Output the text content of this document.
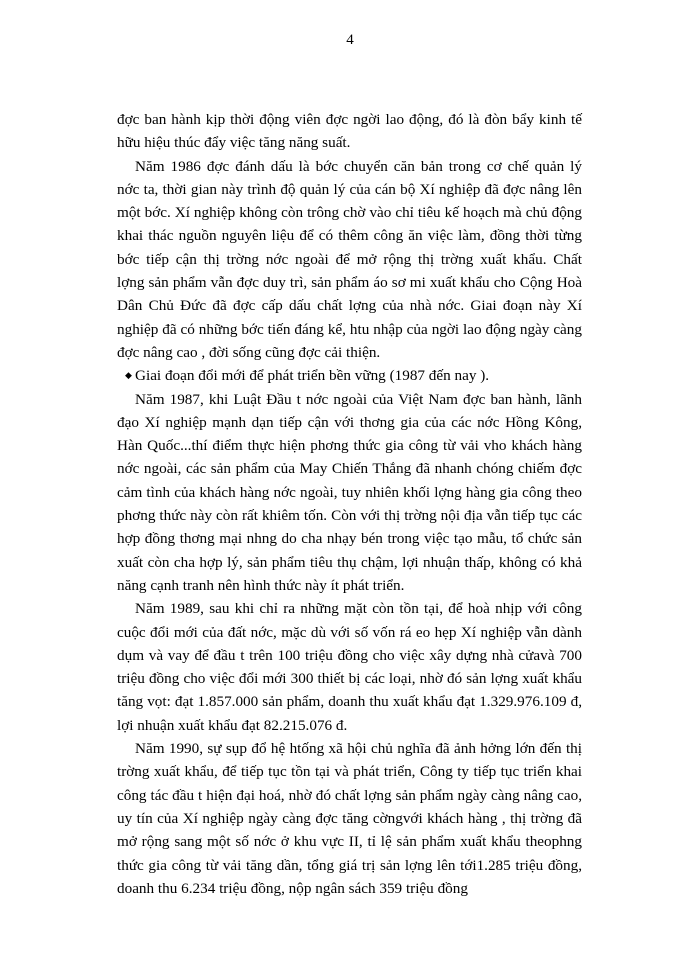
4
đợc ban hành kịp thời động viên đợc ngời lao động, đó là đòn bẩy kinh tế
hữu hiệu thúc đẩy việc tăng năng suất.
Năm 1986 đợc đánh dấu là bớc chuyển căn bản trong cơ chế quản lý
nớc ta, thời gian này trình độ quản lý của cán bộ Xí nghiệp đã đợc nâng lên
một bớc. Xí nghiệp không còn trông chờ vào chỉ tiêu kế hoạch mà chủ động
khai thác nguồn nguyên liệu để có thêm công ăn việc làm, đồng thời từng
bớc tiếp cận thị trờng nớc ngoài để mở rộng thị trờng xuất khẩu. Chất
lợng sản phẩm vẫn đợc duy trì, sản phẩm áo sơ mi xuất khẩu cho Cộng Hoà
Dân Chủ Đức đã đợc cấp dấu chất lợng của nhà nớc. Giai đoạn này Xí
nghiệp đã có những bớc tiến đáng kể, htu nhập của ngời lao động ngày càng
đợc nâng cao , đời sống cũng đợc cải thiện.
◆ Giai đoạn đổi mới để phát triển bền vững (1987 đến nay ).
Năm 1987, khi Luật Đầu t nớc ngoài của Việt Nam đợc ban hành, lãnh
đạo Xí nghiệp mạnh dạn tiếp cận với thơng gia của các nớc Hồng Kông,
Hàn Quốc...thí điểm thực hiện phơng thức gia công từ vải vho khách hàng
nớc ngoài, các sản phẩm của May Chiến Thắng đã nhanh chóng chiếm đợc
cảm tình của khách hàng nớc ngoài, tuy nhiên khối lợng hàng gia công theo
phơng thức này còn rất khiêm tốn. Còn với thị trờng nội địa vẫn tiếp tục các
hợp đồng thơng mại nhng do cha nhạy bén trong việc tạo mẫu, tổ chức sản
xuất còn cha hợp lý, sản phẩm tiêu thụ chậm, lợi nhuận thấp, không có khả
năng cạnh tranh nên hình thức này ít phát triển.
Năm 1989, sau khi chỉ ra những mặt còn tồn tại, để hoà nhịp với công
cuộc đổi mới của đất nớc, mặc dù với số vốn rá eo hẹp Xí nghiệp vẫn dành
dụm và vay để đầu t trên 100 triệu đồng cho việc xây dựng nhà cửavà 700
triệu đồng cho việc đổi mới 300 thiết bị các loại, nhờ đó sản lợng xuất khẩu
tăng vọt: đạt 1.857.000 sản phẩm, doanh thu xuất khẩu đạt 1.329.976.109 đ,
lợi nhuận xuất khẩu đạt 82.215.076 đ.
Năm 1990, sự sụp đổ hệ htống xã hội chủ nghĩa đã ảnh hởng lớn đến thị
trờng xuất khẩu, để tiếp tục tồn tại và phát triển, Công ty tiếp tục triển khai
công tác đầu t hiện đại hoá, nhờ đó chất lợng sản phẩm ngày càng nâng cao,
uy tín của Xí nghiệp ngày càng đợc tăng cờngvới khách hàng , thị trờng đã
mở rộng sang một số nớc ở khu vực II, tỉ lệ sản phẩm xuất khẩu theophng
thức gia công từ vải tăng dần, tổng giá trị sản lợng lên tới1.285 triệu đồng,
doanh thu 6.234 triệu đồng, nộp ngân sách 359 triệu đồng
